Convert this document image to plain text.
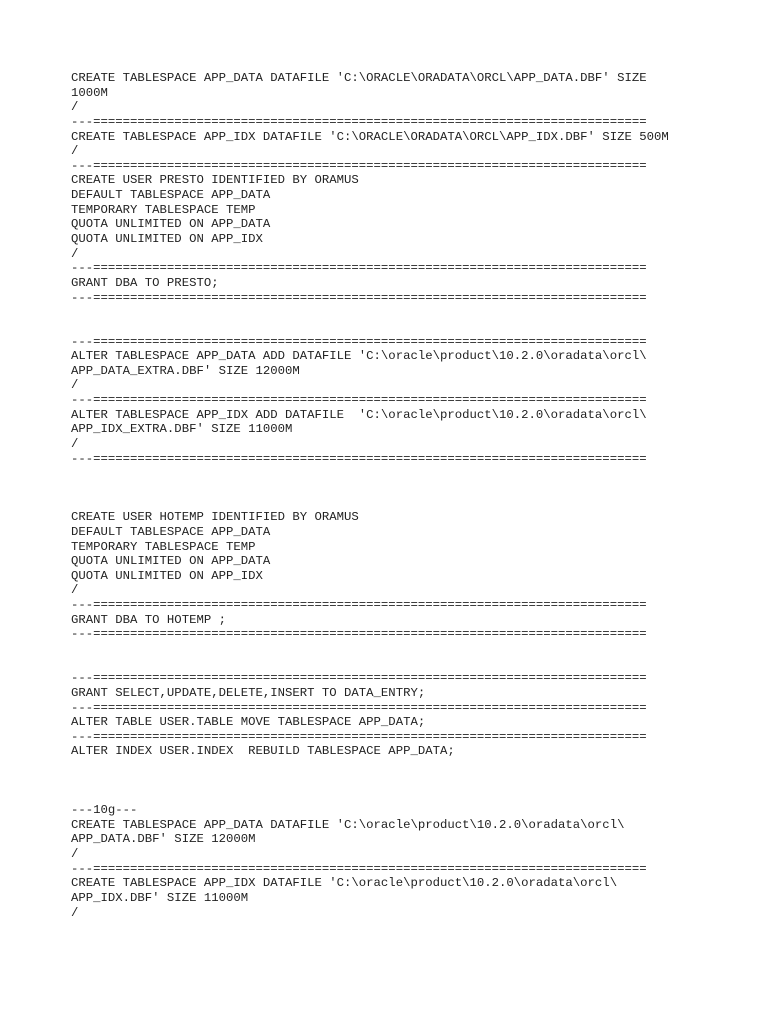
CREATE TABLESPACE APP_DATA DATAFILE 'C:\ORACLE\ORADATA\ORCL\APP_DATA.DBF' SIZE
1000M
/
---===========================================================================
CREATE TABLESPACE APP_IDX DATAFILE 'C:\ORACLE\ORADATA\ORCL\APP_IDX.DBF' SIZE 500M
/
---===========================================================================
CREATE USER PRESTO IDENTIFIED BY ORAMUS
DEFAULT TABLESPACE APP_DATA
TEMPORARY TABLESPACE TEMP
QUOTA UNLIMITED ON APP_DATA
QUOTA UNLIMITED ON APP_IDX
/
---===========================================================================
GRANT DBA TO PRESTO;
---===========================================================================
---===========================================================================
ALTER TABLESPACE APP_DATA ADD DATAFILE 'C:\oracle\product\10.2.0\oradata\orcl\
APP_DATA_EXTRA.DBF' SIZE 12000M
/
---===========================================================================
ALTER TABLESPACE APP_IDX ADD DATAFILE  'C:\oracle\product\10.2.0\oradata\orcl\
APP_IDX_EXTRA.DBF' SIZE 11000M
/
---===========================================================================
CREATE USER HOTEMP IDENTIFIED BY ORAMUS
DEFAULT TABLESPACE APP_DATA
TEMPORARY TABLESPACE TEMP
QUOTA UNLIMITED ON APP_DATA
QUOTA UNLIMITED ON APP_IDX
/
---===========================================================================
GRANT DBA TO HOTEMP ;
---===========================================================================
---===========================================================================
GRANT SELECT,UPDATE,DELETE,INSERT TO DATA_ENTRY;
---===========================================================================
ALTER TABLE USER.TABLE MOVE TABLESPACE APP_DATA;
---===========================================================================
ALTER INDEX USER.INDEX  REBUILD TABLESPACE APP_DATA;
---10g---
CREATE TABLESPACE APP_DATA DATAFILE 'C:\oracle\product\10.2.0\oradata\orcl\
APP_DATA.DBF' SIZE 12000M
/
---===========================================================================
CREATE TABLESPACE APP_IDX DATAFILE 'C:\oracle\product\10.2.0\oradata\orcl\
APP_IDX.DBF' SIZE 11000M
/
